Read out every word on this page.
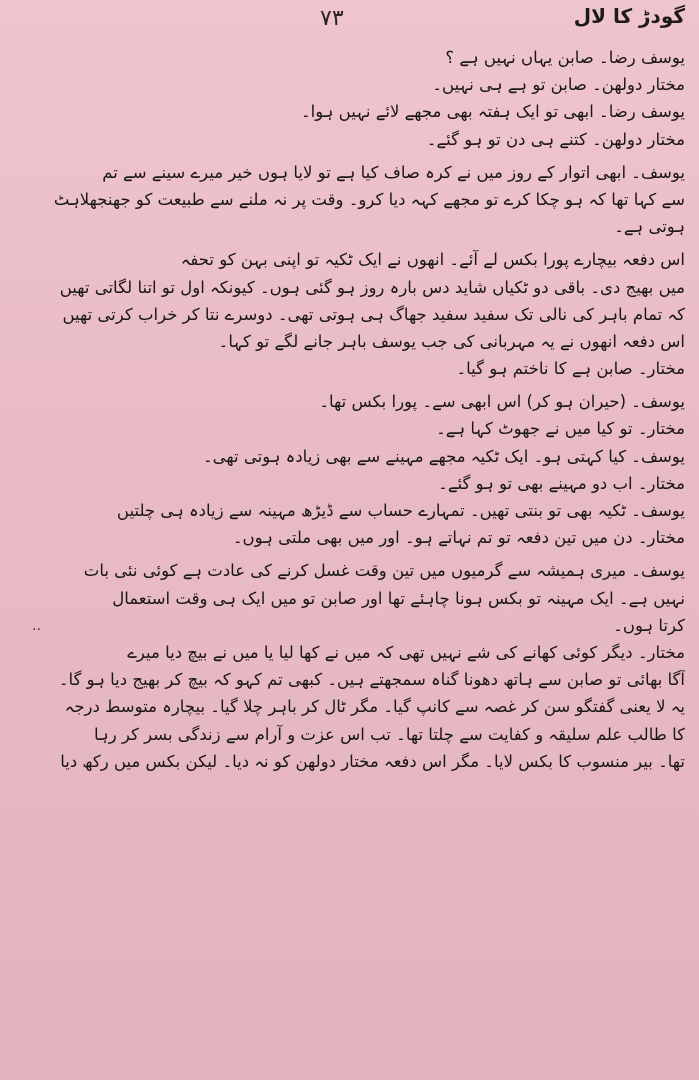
۷۳	گودڑ کا لال
..
یوسف رضا۔ صابن یہاں نہیں ہے ؟
مختار دولھن۔ صابن تو ہے ہی نہیں۔
یوسف رضا۔ ابھی تو ایک ہفتہ بھی مجھے لائے نہیں ہوا۔
مختار دولھن۔ کتنے ہی دن تو ہو گئے۔
یوسف۔ ابھی اتوار کے روز میں نے کرہ صاف کیا ہے تو لایا ہوں خیر میرے سینے سے تم
سے کہا تھا کہ ہو چکا کرے تو مجھے کہہ دیا کرو۔ وقت پر نہ ملنے سے طبیعت کو جھنجھلاہٹ
ہوتی ہے۔
اس دفعہ بیچارے پورا بکس لے آئے۔ انھوں نے ایک ٹکیہ تو اپنی بہن کو تحفہ
میں بھیج دی۔ باقی دو ٹکیاں شاید دس بارہ روز ہو گئی ہوں۔ کیونکہ اول تو اتنا لگاتی تھیں
کہ تمام باہر کی نالی تک سفید سفید جھاگ ہی ہوتی تھی۔ دوسرے نتا کر خراب کرتی تھیں
اس دفعہ انھوں نے یہ مہربانی کی جب یوسف باہر جانے لگے تو کہا۔
مختار۔ صابن ہے کا ناختم ہو گیا۔
یوسف۔ (حیران ہو کر) اس ابھی سے۔ پورا بکس تھا۔
مختار۔ تو کیا میں نے جھوٹ کہا ہے۔
یوسف۔ کیا کہتی ہو۔ ایک ٹکیہ مجھے مہینے سے بھی زیادہ ہوتی تھی۔
مختار۔ اب دو مہینے بھی تو ہو گئے۔
یوسف۔ ٹکیہ بھی تو بنتی تھیں۔ تمہارے حساب سے ڈیڑھ مہینہ سے زیادہ ہی چلتیں
مختار۔ دن میں تین دفعہ تو تم نہاتے ہو۔ اور میں بھی ملتی ہوں۔
یوسف۔ میری ہمیشہ سے گرمیوں میں تین وقت غسل کرنے کی عادت ہے کوئی نئی بات
نہیں ہے۔ ایک مہینہ تو بکس ہونا چاہئے تھا اور صابن تو میں ایک ہی وقت استعمال
کرتا ہوں۔
مختار۔ دیگر کوئی کھانے کی شے نہیں تھی کہ میں نے کھا لیا یا میں نے بیچ دیا میرے
آگا بھائی تو صابن سے ہاتھ دھونا گناہ سمجھتے ہیں۔ کبھی تم کہو کہ بیچ کر بھیج دیا ہو گا۔
یہ لا یعنی گفتگو سن کر غصہ سے کانپ گیا۔ مگر ٹال کر باہر چلا گیا۔ بیچارہ متوسط درجہ
کا طالب علم سلیقہ و کفایت سے چلتا تھا۔ تب اس عزت و آرام سے زندگی بسر کر رہا
تھا۔ بیر منسوب کا بکس لایا۔ مگر اس دفعہ مختار دولھن کو نہ دیا۔ لیکن بکس میں رکھ دیا
